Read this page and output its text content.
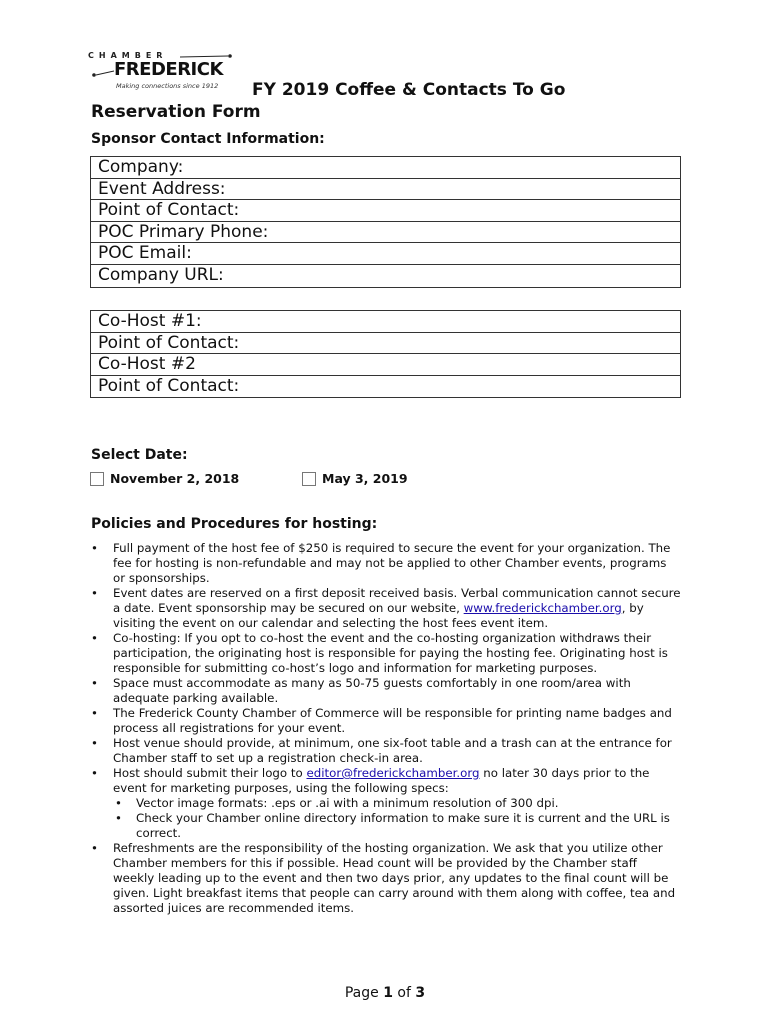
CHAMBER
FREDERICK
Making connections since 1912 FY 2019 Coffee & Contacts To Go
Reservation Form
Sponsor Contact Information:
Company:
Event Address:
Point of Contact:
POC Primary Phone:
POC Email:
Company URL:
Co-Host #1:
Point of Contact:
Co-Host #2
Point of Contact:
Select Date:
November 2, 2018	May 3, 2019
Policies and Procedures for hosting:
• Full payment of the host fee of $250 is required to secure the event for your organization. The fee for hosting is non-refundable and may not be applied to other Chamber events, programs or sponsorships.
• Event dates are reserved on a first deposit received basis. Verbal communication cannot secure a date. Event sponsorship may be secured on our website, www.frederickchamber.org, by visiting the event on our calendar and selecting the host fees event item.
• Co-hosting: If you opt to co-host the event and the co-hosting organization withdraws their participation, the originating host is responsible for paying the hosting fee. Originating host is responsible for submitting co-host’s logo and information for marketing purposes.
• Space must accommodate as many as 50-75 guests comfortably in one room/area with adequate parking available.
• The Frederick County Chamber of Commerce will be responsible for printing name badges and process all registrations for your event.
• Host venue should provide, at minimum, one six-foot table and a trash can at the entrance for Chamber staff to set up a registration check-in area.
• Host should submit their logo to editor@frederickchamber.org no later 30 days prior to the event for marketing purposes, using the following specs:
• Vector image formats: .eps or .ai with a minimum resolution of 300 dpi.
• Check your Chamber online directory information to make sure it is current and the URL is correct.
• Refreshments are the responsibility of the hosting organization. We ask that you utilize other Chamber members for this if possible. Head count will be provided by the Chamber staff weekly leading up to the event and then two days prior, any updates to the final count will be given. Light breakfast items that people can carry around with them along with coffee, tea and assorted juices are recommended items.
Page 1 of 3
